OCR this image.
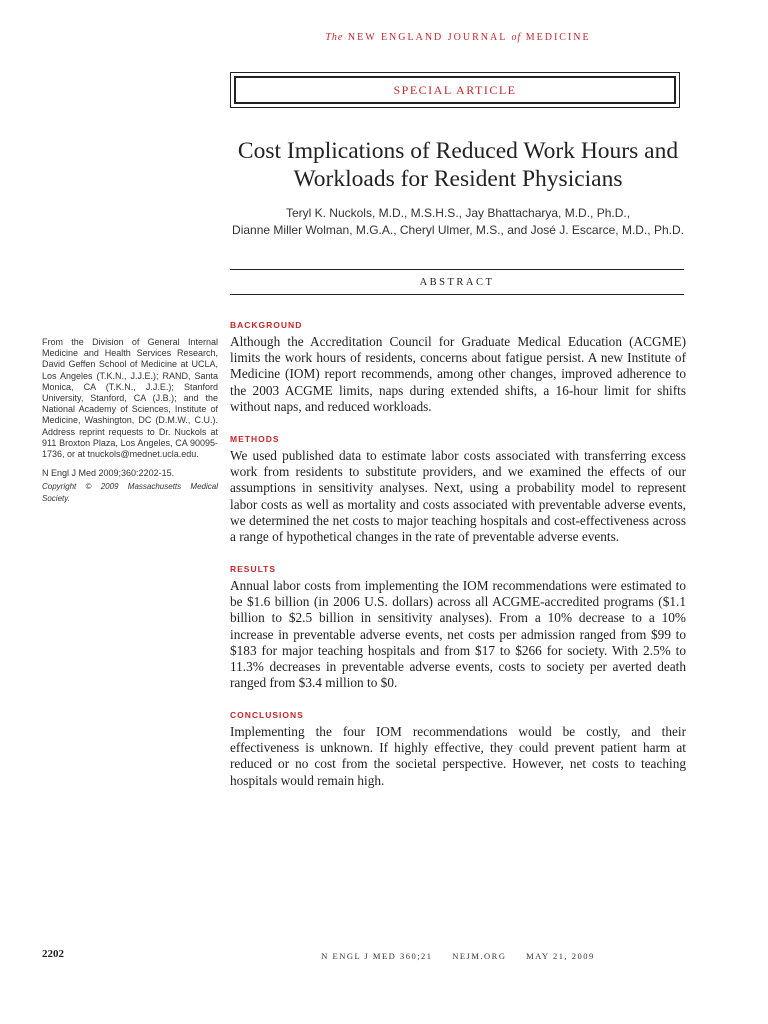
The NEW ENGLAND JOURNAL of MEDICINE
SPECIAL ARTICLE
Cost Implications of Reduced Work Hours and Workloads for Resident Physicians
Teryl K. Nuckols, M.D., M.S.H.S., Jay Bhattacharya, M.D., Ph.D.,
Dianne Miller Wolman, M.G.A., Cheryl Ulmer, M.S., and José J. Escarce, M.D., Ph.D.
ABSTRACT

From the Division of General Internal Medicine and Health Services Research, David Geffen School of Medicine at UCLA, Los Angeles (T.K.N., J.J.E.); RAND, Santa Monica, CA (T.K.N., J.J.E.); Stanford University, Stanford, CA (J.B.); and the National Academy of Sciences, Institute of Medicine, Washington, DC (D.M.W., C.U.). Address reprint requests to Dr. Nuckols at 911 Broxton Plaza, Los Angeles, CA 90095-1736, or at tnuckols@mednet.ucla.edu.

N Engl J Med 2009;360:2202-15.

Copyright © 2009 Massachusetts Medical Society.

BACKGROUND

Although the Accreditation Council for Graduate Medical Education (ACGME) limits the work hours of residents, concerns about fatigue persist. A new Institute of Medicine (IOM) report recommends, among other changes, improved adherence to the 2003 ACGME limits, naps during extended shifts, a 16-hour limit for shifts without naps, and reduced workloads.

METHODS

We used published data to estimate labor costs associated with transferring excess work from residents to substitute providers, and we examined the effects of our assumptions in sensitivity analyses. Next, using a probability model to represent labor costs as well as mortality and costs associated with preventable adverse events, we determined the net costs to major teaching hospitals and cost-effectiveness across a range of hypothetical changes in the rate of preventable adverse events.

RESULTS

Annual labor costs from implementing the IOM recommendations were estimated to be $1.6 billion (in 2006 U.S. dollars) across all ACGME-accredited programs ($1.1 billion to $2.5 billion in sensitivity analyses). From a 10% decrease to a 10% increase in preventable adverse events, net costs per admission ranged from $99 to $183 for major teaching hospitals and from $17 to $266 for society. With 2.5% to 11.3% decreases in preventable adverse events, costs to society per averted death ranged from $3.4 million to $0.

CONCLUSIONS

Implementing the four IOM recommendations would be costly, and their effectiveness is unknown. If highly effective, they could prevent patient harm at reduced or no cost from the societal perspective. However, net costs to teaching hospitals would remain high.

2202	N ENGL J MED 360;21 NEJM.ORG MAY 21, 2009
